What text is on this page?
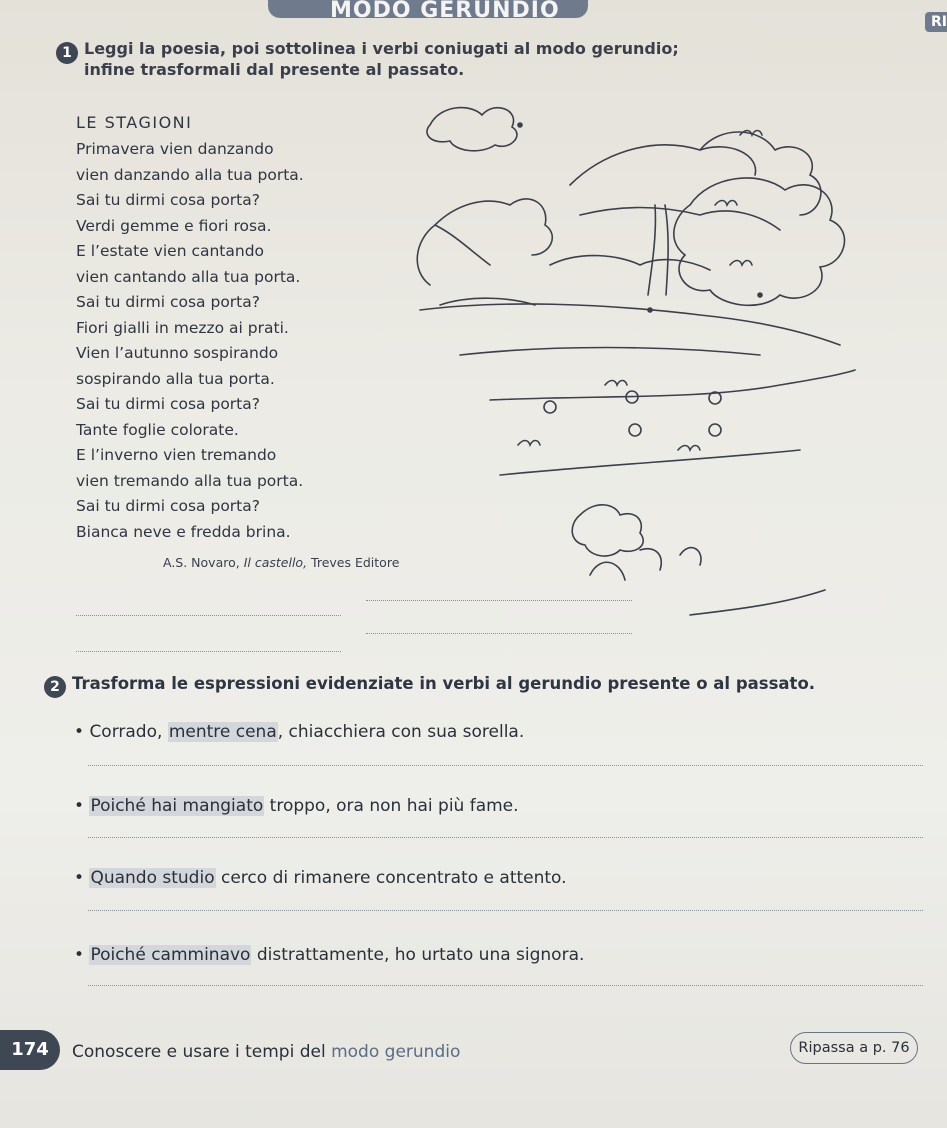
MODO GERUNDIO	RI
1 Leggi la poesia, poi sottolinea i verbi coniugati al modo gerundio;
infine trasformali dal presente al passato.
LE STAGIONI
Primavera vien danzando
vien danzando alla tua porta.
Sai tu dirmi cosa porta?
Verdi gemme e fiori rosa.
E l’estate vien cantando
vien cantando alla tua porta.
Sai tu dirmi cosa porta?
Fiori gialli in mezzo ai prati.
Vien l’autunno sospirando
sospirando alla tua porta.
Sai tu dirmi cosa porta?
Tante foglie colorate.
E l’inverno vien tremando
vien tremando alla tua porta.
Sai tu dirmi cosa porta?
Bianca neve e fredda brina.
A.S. Novaro, Il castello, Treves Editore
2 Trasforma le espressioni evidenziate in verbi al gerundio presente o al passato.
• Corrado, mentre cena, chiacchiera con sua sorella.
• Poiché hai mangiato troppo, ora non hai più fame.
• Quando studio cerco di rimanere concentrato e attento.
• Poiché camminavo distrattamente, ho urtato una signora.
174	Conoscere e usare i tempi del modo gerundio	Ripassa a p. 76
